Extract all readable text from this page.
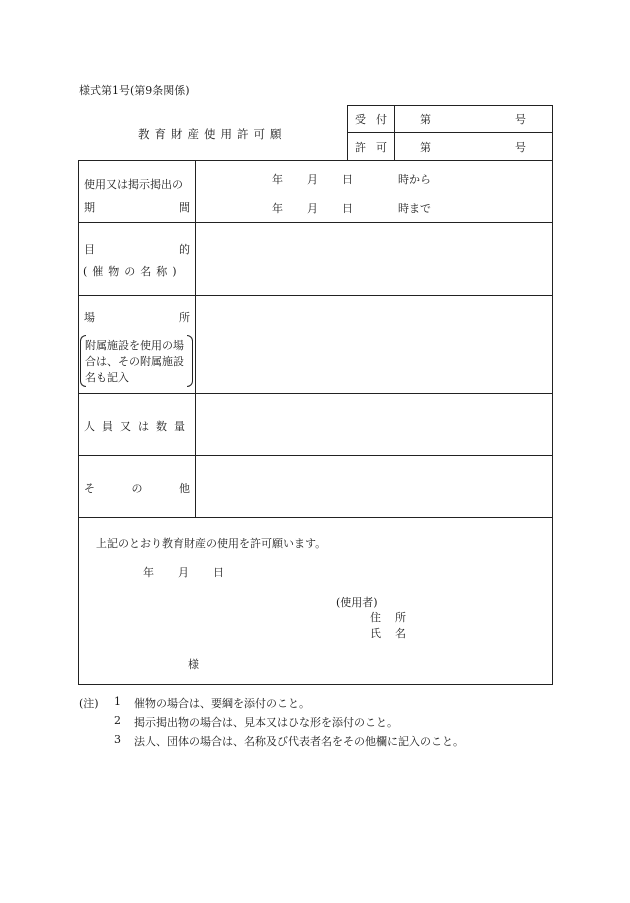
様式第1号(第9条関係)
教育財産使用許可願
受 付	第	号
許 可	第	号
使用又は掲示掲出の
期	間
年 月 日	時から
年 月 日	時まで
目	的
(催物の名称)
場	所
附属施設を使用の場
合は、その附属施設
名も記入
人員又は数量
そ	の	他
上記のとおり教育財産の使用を許可願います。
年 月 日
(使用者)
住 所
氏 名
様
(注) 1 催物の場合は、要綱を添付のこと。
2 掲示掲出物の場合は、見本又はひな形を添付のこと。
3 法人、団体の場合は、名称及び代表者名をその他欄に記入のこと。
